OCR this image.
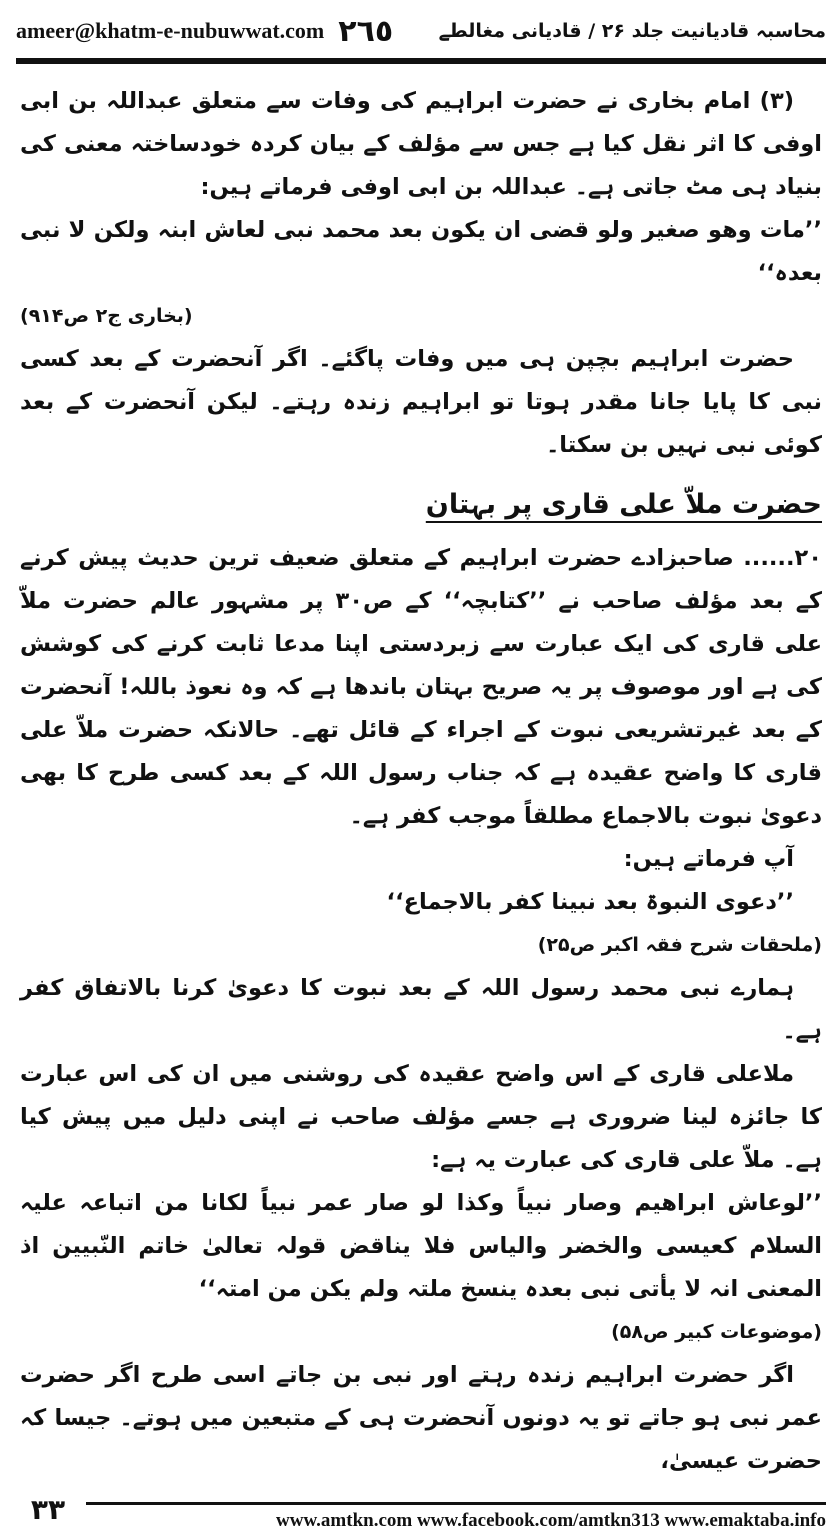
ameer@khatm-e-nubuwwat.com ٢٦٥ محاسبہ قادیانیت جلد ۲۶ / قادیانی مغالطے

(۳) امام بخاری نے حضرت ابراہیم کی وفات سے متعلق عبداللہ بن ابی اوفی کا اثر نقل کیا ہے جس سے مؤلف کے بیان کردہ خودساختہ معنی کی بنیاد ہی مٹ جاتی ہے۔ عبداللہ بن ابی اوفی فرماتے ہیں:

’’مات وھو صغیر ولو قضی ان یکون بعد محمد نبی لعاش ابنہ ولکن لا نبی بعدہ‘‘

(بخاری ج۲ ص۹۱۴)

حضرت ابراہیم بچپن ہی میں وفات پاگئے۔ اگر آنحضرت کے بعد کسی نبی کا پایا جانا مقدر ہوتا تو ابراہیم زندہ رہتے۔ لیکن آنحضرت کے بعد کوئی نبی نہیں بن سکتا۔

حضرت ملاّ علی قاری پر بہتان

۲۰...... صاحبزادے حضرت ابراہیم کے متعلق ضعیف ترین حدیث پیش کرنے کے بعد مؤلف صاحب نے ’’کتابچہ‘‘ کے ص۳۰ پر مشہور عالم حضرت ملاّ علی قاری کی ایک عبارت سے زبردستی اپنا مدعا ثابت کرنے کی کوشش کی ہے اور موصوف پر یہ صریح بہتان باندھا ہے کہ وہ نعوذ باللہ! آنحضرت کے بعد غیرتشریعی نبوت کے اجراء کے قائل تھے۔ حالانکہ حضرت ملاّ علی قاری کا واضح عقیدہ ہے کہ جناب رسول اللہ کے بعد کسی طرح کا بھی دعویٰ نبوت بالاجماع مطلقاً موجب کفر ہے۔

آپ فرماتے ہیں:

’’دعوی النبوۃ بعد نبینا کفر بالاجماع‘‘

(ملحقات شرح فقہ اکبر ص۲۵)

ہمارے نبی محمد رسول اللہ کے بعد نبوت کا دعویٰ کرنا بالاتفاق کفر ہے۔

ملاعلی قاری کے اس واضح عقیدہ کی روشنی میں ان کی اس عبارت کا جائزہ لینا ضروری ہے جسے مؤلف صاحب نے اپنی دلیل میں پیش کیا ہے۔ ملاّ علی قاری کی عبارت یہ ہے:

’’لوعاش ابراھیم وصار نبیاً وکذا لو صار عمر نبیاً لکانا من اتباعہ علیہ السلام کعیسی والخضر والیاس فلا یناقض قولہ تعالیٰ خاتم النّبیین اذ المعنی انہ لا یأتی نبی بعدہ ینسخ ملتہ ولم یکن من امتہ‘‘

(موضوعات کبیر ص۵۸)

اگر حضرت ابراہیم زندہ رہتے اور نبی بن جاتے اسی طرح اگر حضرت عمر نبی ہو جاتے تو یہ دونوں آنحضرت ہی کے متبعین میں ہوتے۔ جیسا کہ حضرت عیسیٰ،

۳۳	www.amtkn.com www.facebook.com/amtkn313 www.emaktaba.info
